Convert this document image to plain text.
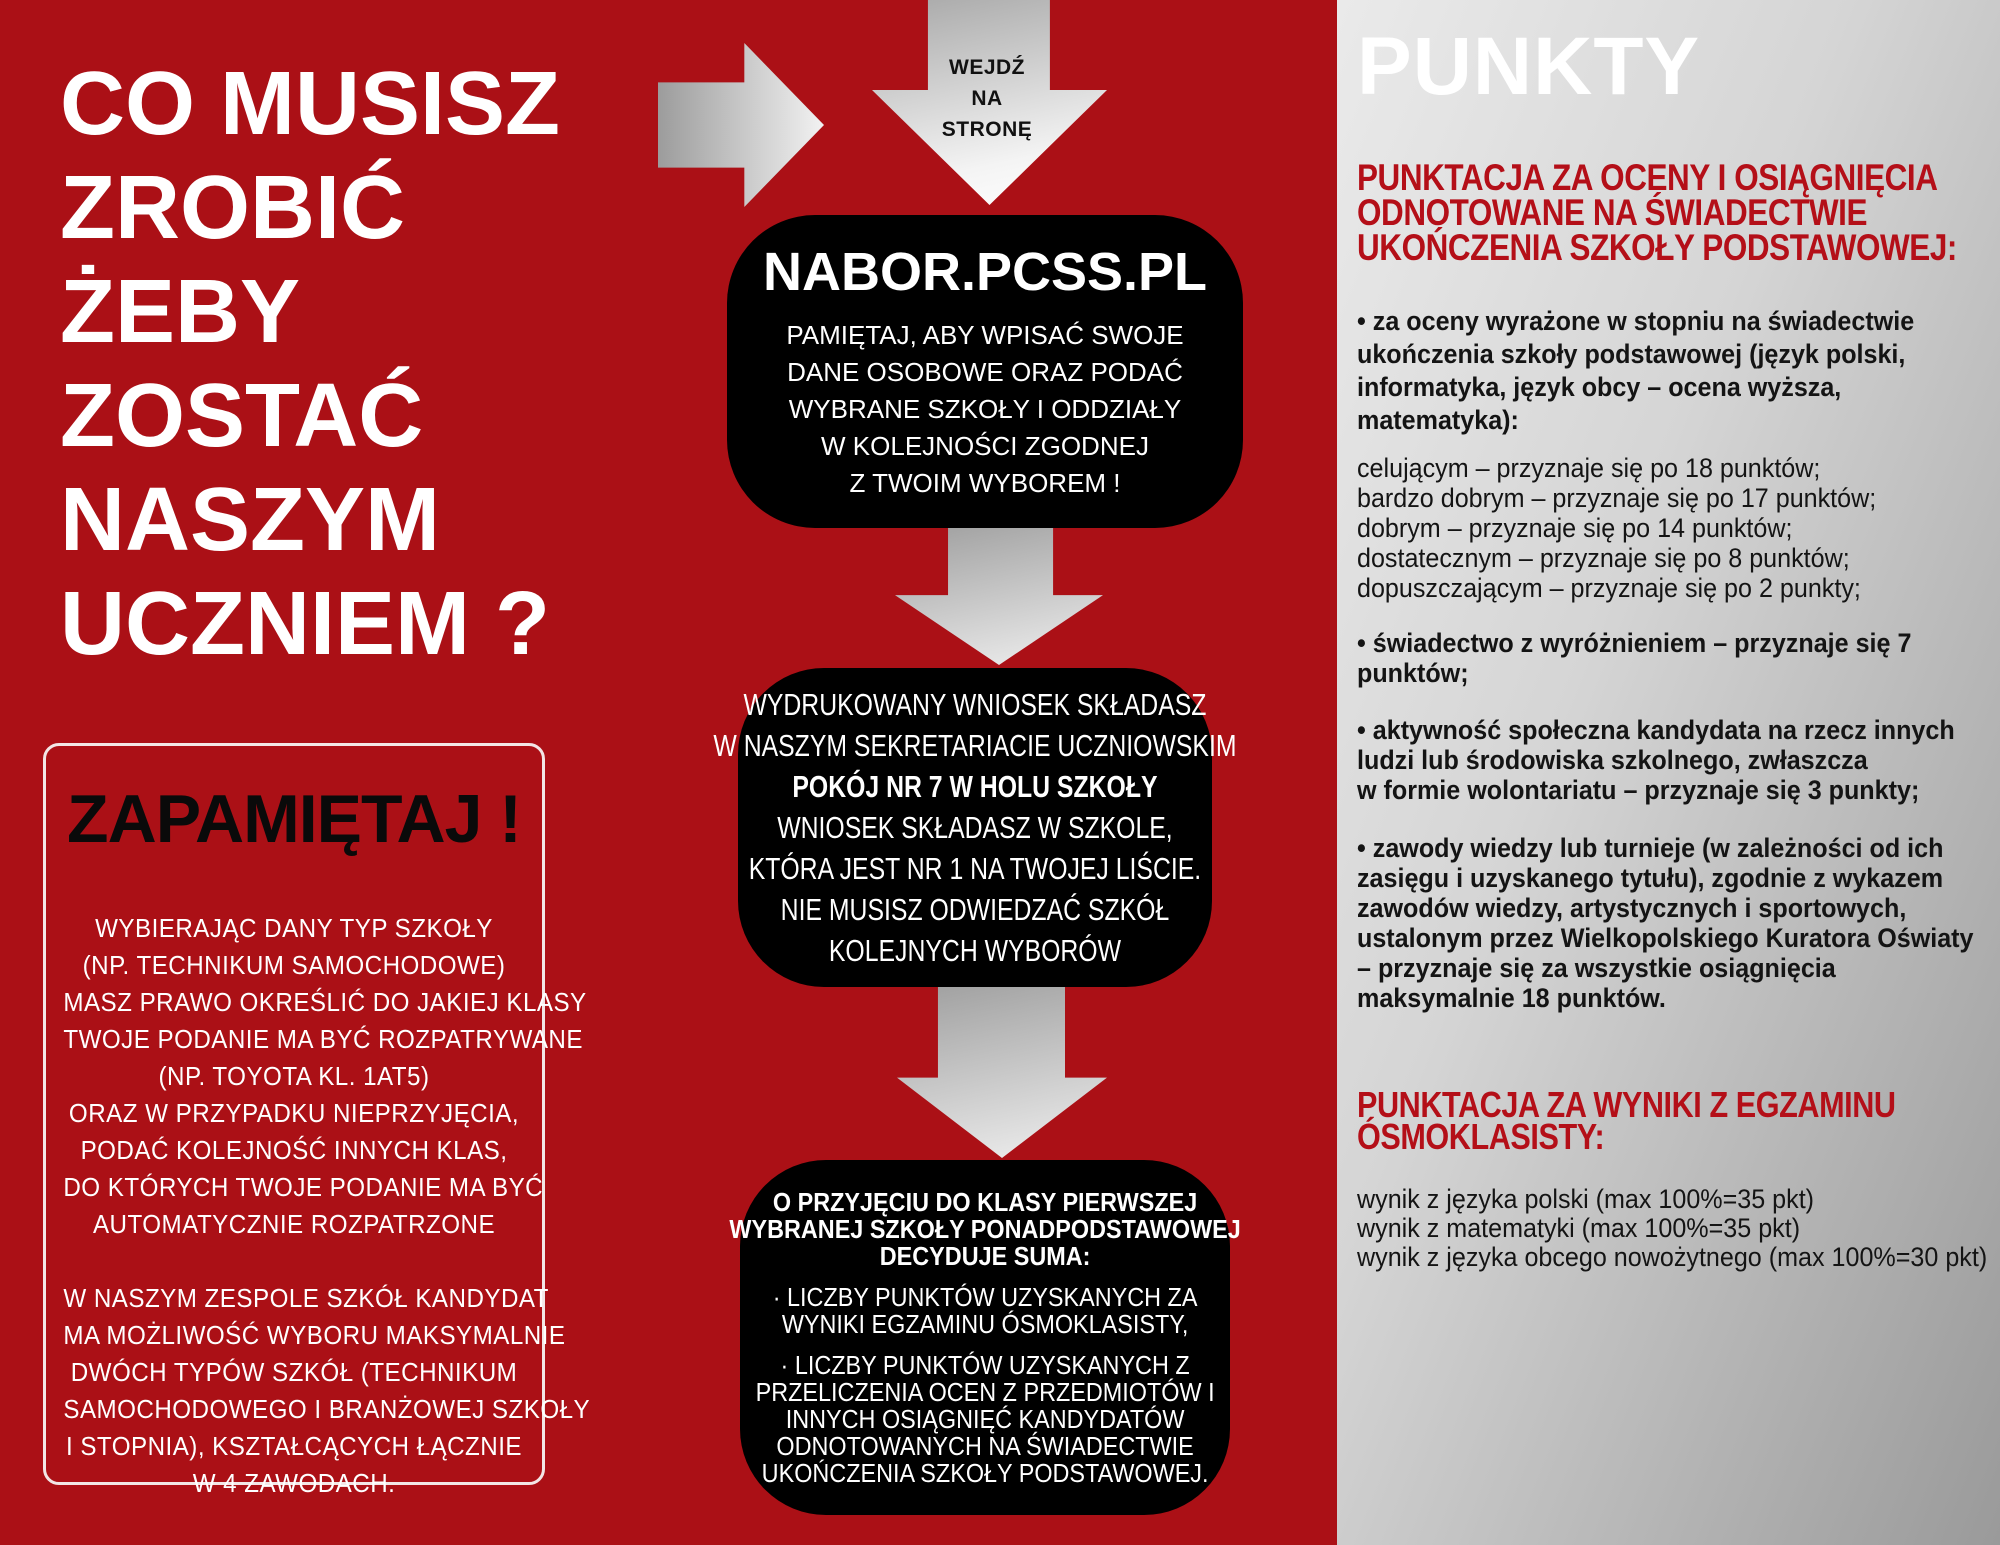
CO MUSISZ
ZROBIĆ
ŻEBY
ZOSTAĆ
NASZYM
UCZNIEM ?
ZAPAMIĘTAJ !

WYBIERAJĄC DANY TYP SZKOŁY
(NP. TECHNIKUM SAMOCHODOWE)
MASZ PRAWO OKREŚLIĆ DO JAKIEJ KLASY
TWOJE PODANIE MA BYĆ ROZPATRYWANE
(NP. TOYOTA KL. 1AT5)
ORAZ W PRZYPADKU NIEPRZYJĘCIA,
PODAĆ KOLEJNOŚĆ INNYCH KLAS,
DO KTÓRYCH TWOJE PODANIE MA BYĆ
AUTOMATYCZNIE ROZPATRZONE

W NASZYM ZESPOLE SZKÓŁ KANDYDAT
MA MOŻLIWOŚĆ WYBORU MAKSYMALNIE
DWÓCH TYPÓW SZKÓŁ (TECHNIKUM
SAMOCHODOWEGO I BRANŻOWEJ SZKOŁY
I STOPNIA), KSZTAŁCĄCYCH ŁĄCZNIE
W 4 ZAWODACH.

WEJDŹ
NA
STRONĘ
NABOR.PCSS.PL
PAMIĘTAJ, ABY WPISAĆ SWOJE
DANE OSOBOWE ORAZ PODAĆ
WYBRANE SZKOŁY I ODDZIAŁY
W KOLEJNOŚCI ZGODNEJ
Z TWOIM WYBOREM !
WYDRUKOWANY WNIOSEK SKŁADASZ
W NASZYM SEKRETARIACIE UCZNIOWSKIM
POKÓJ NR 7 W HOLU SZKOŁY
WNIOSEK SKŁADASZ W SZKOLE,
KTÓRA JEST NR 1 NA TWOJEJ LIŚCIE.
NIE MUSISZ ODWIEDZAĆ SZKÓŁ
KOLEJNYCH WYBORÓW
O PRZYJĘCIU DO KLASY PIERWSZEJ
WYBRANEJ SZKOŁY PONADPODSTAWOWEJ
DECYDUJE SUMA:
· LICZBY PUNKTÓW UZYSKANYCH ZA
WYNIKI EGZAMINU ÓSMOKLASISTY,
· LICZBY PUNKTÓW UZYSKANYCH Z
PRZELICZENIA OCEN Z PRZEDMIOTÓW I
INNYCH OSIĄGNIĘĆ KANDYDATÓW
ODNOTOWANYCH NA ŚWIADECTWIE
UKOŃCZENIA SZKOŁY PODSTAWOWEJ.
PUNKTY
PUNKTACJA ZA OCENY I OSIĄGNIĘCIA
ODNOTOWANE NA ŚWIADECTWIE
UKOŃCZENIA SZKOŁY PODSTAWOWEJ:
• za oceny wyrażone w stopniu na świadectwie
ukończenia szkoły podstawowej (język polski,
informatyka, język obcy – ocena wyższa,
matematyka):
celującym – przyznaje się po 18 punktów;
bardzo dobrym – przyznaje się po 17 punktów;
dobrym – przyznaje się po 14 punktów;
dostatecznym – przyznaje się po 8 punktów;
dopuszczającym – przyznaje się po 2 punkty;
• świadectwo z wyróżnieniem – przyznaje się 7
punktów;
• aktywność społeczna kandydata na rzecz innych
ludzi lub środowiska szkolnego, zwłaszcza
w formie wolontariatu – przyznaje się 3 punkty;
• zawody wiedzy lub turnieje (w zależności od ich
zasięgu i uzyskanego tytułu), zgodnie z wykazem
zawodów wiedzy, artystycznych i sportowych,
ustalonym przez Wielkopolskiego Kuratora Oświaty
– przyznaje się za wszystkie osiągnięcia
maksymalnie 18 punktów.
PUNKTACJA ZA WYNIKI Z EGZAMINU
ÓSMOKLASISTY:
wynik z języka polski (max 100%=35 pkt)
wynik z matematyki (max 100%=35 pkt)
wynik z języka obcego nowożytnego (max 100%=30 pkt)
